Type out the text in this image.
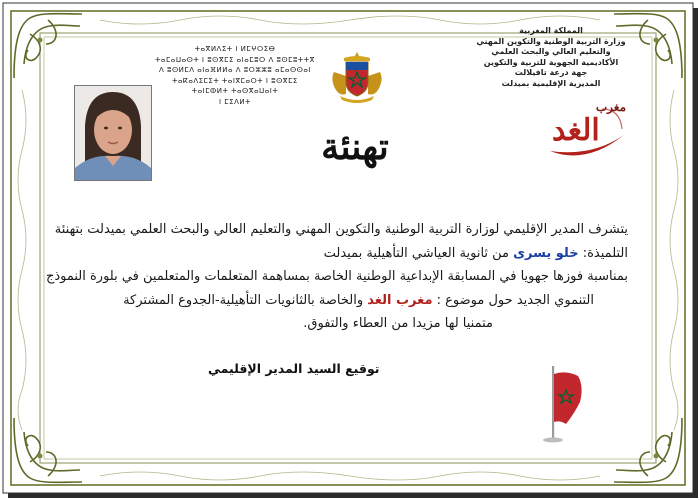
المملكة المغربية
وزارة التربية الوطنية والتكوين المهني
والتعليم العالي والبحث العلمي
الأكاديمية الجهوية للتربية والتكوين
جهة درعة تافيلالت
المديرية الإقليمية بميدلت
ⵜⴰⴳⵍⴷⵉⵜ ⵏ ⵍⵎⵖⵔⵉⴱ
ⵜⴰⵎⴰⵡⴰⵙⵜ ⵏ ⵓⵙⴳⵎⵉ ⴰⵏⴰⵎⵓⵔ ⴷ ⵓⵙⵎⵓⵜⵜⴳ
ⴷ ⵓⵙⵍⵎⴷ ⴰⵏⴰⴼⵍⵍⴰ ⴷ ⵓⵔⵣⵣⵓ ⴰⵎⴰⵙⵙⴰⵏ
ⵜⴰⴽⴰⴷⵉⵎⵉⵜ ⵜⴰⵏⴳⵎⴰⵔⵜ ⵏ ⵓⵙⴳⵎⵉ
ⵜⴰⵏⵎⵀⵍⵜ ⵜⴰⵙⴳⴰⵡⴰⵏⵜ
ⵏ ⵎⵉⴷⵍⵜ	مغرب
الغد
تهنئة
يتشرف المدير الإقليمي لوزارة التربية الوطنية والتكوين المهني والتعليم العالي والبحث العلمي بميدلت بتهنئة
التلميذة: خلو يسرى من ثانوية العياشي التأهيلية بميدلت
بمناسبة فوزها جهويا في المسابقة الإبداعية الوطنية الخاصة بمساهمة المتعلمات والمتعلمين في بلورة النموذج
التنموي الجديد حول موضوع : مغرب الغد والخاصة بالثانويات التأهيلية-الجدوع المشتركة
متمنيا لها مزيدا من العطاء والتفوق.
توقيع السيد المدير الإقليمي
